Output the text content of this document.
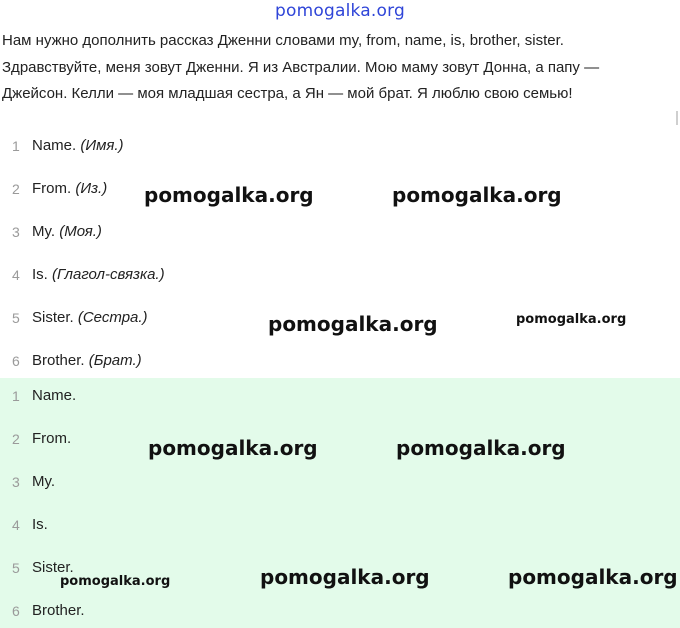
pomogalka.org

Нам нужно дополнить рассказ Дженни словами my, from, name, is, brother, sister.

Здравствуйте, меня зовут Дженни. Я из Австралии. Мою маму зовут Донна, а папу —

Джейсон. Келли — моя младшая сестра, а Ян — мой брат. Я люблю свою семью!

1 Name. (Имя.)
2 From. (Из.)
3 My. (Моя.)
4 Is. (Глагол-связка.)
5 Sister. (Сестра.)
6 Brother. (Брат.)
pomogalka.org	pomogalka.org
pomogalka.org	pomogalka.org
1 Name.
2 From.
3 My.
4 Is.
5 Sister.
6 Brother.
pomogalka.org	pomogalka.org
pomogalka.org	pomogalka.org	pomogalka.org
